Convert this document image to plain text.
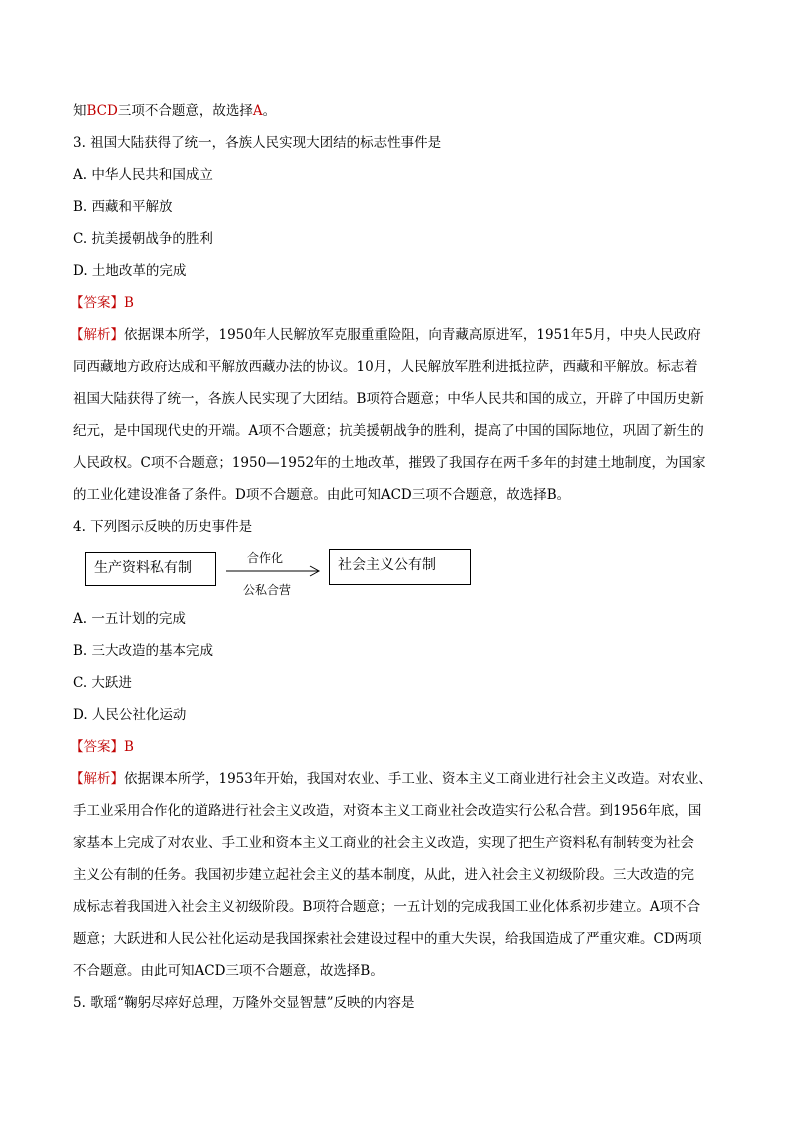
知BCD三项不合题意，故选择A。
3. 祖国大陆获得了统一，各族人民实现大团结的标志性事件是
A. 中华人民共和国成立
B. 西藏和平解放
C. 抗美援朝战争的胜利
D. 土地改革的完成
【答案】B
【解析】依据课本所学，1950年人民解放军克服重重险阻，向青藏高原进军，1951年5月，中央人民政府
同西藏地方政府达成和平解放西藏办法的协议。10月，人民解放军胜利进抵拉萨，西藏和平解放。标志着
祖国大陆获得了统一，各族人民实现了大团结。B项符合题意；中华人民共和国的成立，开辟了中国历史新
纪元，是中国现代史的开端。A项不合题意；抗美援朝战争的胜利，提高了中国的国际地位，巩固了新生的
人民政权。C项不合题意；1950—1952年的土地改革，摧毁了我国存在两千多年的封建土地制度，为国家
的工业化建设准备了条件。D项不合题意。由此可知ACD三项不合题意，故选择B。
4. 下列图示反映的历史事件是
生产资料私有制
合作化
公私合营
社会主义公有制
A. 一五计划的完成
B. 三大改造的基本完成
C. 大跃进
D. 人民公社化运动
【答案】B
【解析】依据课本所学，1953年开始，我国对农业、手工业、资本主义工商业进行社会主义改造。对农业、
手工业采用合作化的道路进行社会主义改造，对资本主义工商业社会改造实行公私合营。到1956年底，国
家基本上完成了对农业、手工业和资本主义工商业的社会主义改造，实现了把生产资料私有制转变为社会
主义公有制的任务。我国初步建立起社会主义的基本制度，从此，进入社会主义初级阶段。三大改造的完
成标志着我国进入社会主义初级阶段。B项符合题意；一五计划的完成我国工业化体系初步建立。A项不合
题意；大跃进和人民公社化运动是我国探索社会建设过程中的重大失误，给我国造成了严重灾难。CD两项
不合题意。由此可知ACD三项不合题意，故选择B。
5. 歌瑶“鞠躬尽瘁好总理，万隆外交显智慧”反映的内容是
